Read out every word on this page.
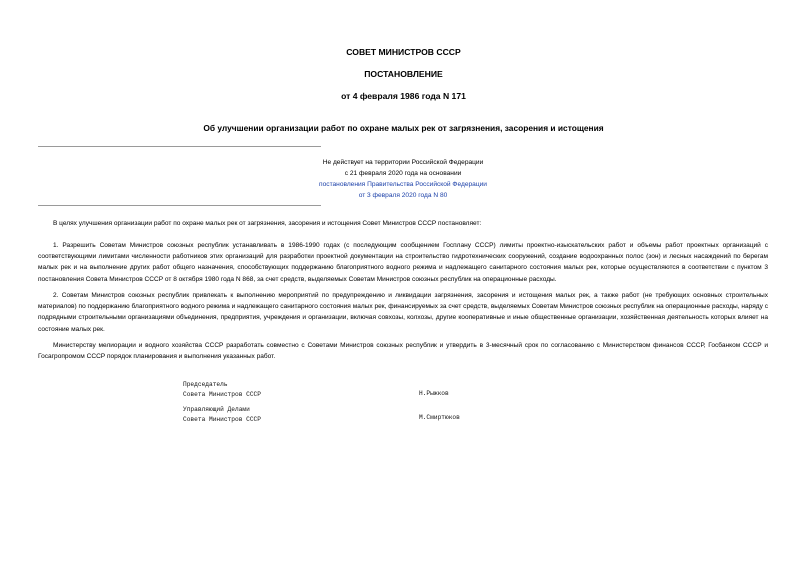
СОВЕТ МИНИСТРОВ СССР
ПОСТАНОВЛЕНИЕ
от 4 февраля 1986 года N 171
Об улучшении организации работ по охране малых рек от загрязнения, засорения и истощения
Не действует на территории Российской Федерации
с 21 февраля 2020 года на основании
постановления Правительства Российской Федерации
от 3 февраля 2020 года N 80
В целях улучшения организации работ по охране малых рек от загрязнения, засорения и истощения Совет Министров СССР постановляет:
1. Разрешить Советам Министров союзных республик устанавливать в 1986-1990 годах (с последующим сообщением Госплану СССР) лимиты проектно-изыскательских работ и объемы работ проектных организаций с соответствующими лимитами численности работников этих организаций для разработки проектной документации на строительство гидротехнических сооружений, создание водоохранных полос (зон) и лесных насаждений по берегам малых рек и на выполнение других работ общего назначения, способствующих поддержанию благоприятного водного режима и надлежащего санитарного состояния малых рек, которые осуществляются в соответствии с пунктом 3 постановления Совета Министров СССР от 8 октября 1980 года N 868, за счет средств, выделяемых Советам Министров союзных республик на операционные расходы.
2. Советам Министров союзных республик привлекать к выполнению мероприятий по предупреждению и ликвидации загрязнения, засорения и истощения малых рек, а также работ (не требующих основных строительных материалов) по поддержанию благоприятного водного режима и надлежащего санитарного состояния малых рек, финансируемых за счет средств, выделяемых Советам Министров союзных республик на операционные расходы, наряду с подрядными строительными организациями объединения, предприятия, учреждения и организации, включая совхозы, колхозы, другие кооперативные и иные общественные организации, хозяйственная деятельность которых влияет на состояние малых рек.
Министерству мелиорации и водного хозяйства СССР разработать совместно с Советами Министров союзных республик и утвердить в 3-месячный срок по согласованию с Министерством финансов СССР, Госбанком СССР и Госагропромом СССР порядок планирования и выполнения указанных работ.
Председатель
Совета Министров СССР	Н.Рыжков
Управляющий Делами
Совета Министров СССР	М.Смиртюков
